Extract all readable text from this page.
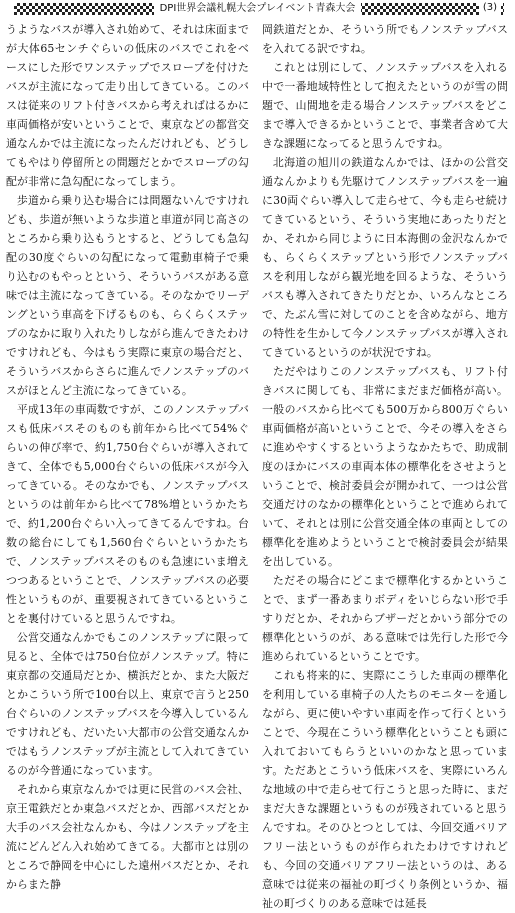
DPI世界会議札幌大会プレイベント青森大会	(3)

うようなバスが導入され始めて、それは床面までが大体65センチぐらいの低床のバスでこれをベースにした形でワンステップでスロープを付けたバスが主流になって走り出してきている。このバスは従来のリフト付きバスから考えればはるかに車両価格が安いということで、東京などの都営交通なんかでは主流になったんだけれども、どうしてもやはり停留所との問題だとかでスロープの勾配が非常に急勾配になってしまう。

歩道から乗り込む場合には問題ないんですけれども、歩道が無いような歩道と車道が同じ高さのところから乗り込もうとすると、どうしても急勾配の30度ぐらいの勾配になって電動車椅子で乗り込むのもやっとという、そういうバスがある意味では主流になってきている。そのなかでリーデングという車高を下げるものも、らくらくステップのなかに取り入れたりしながら進んできたわけですけれども、今はもう実際に東京の場合だと、そういうバスからさらに進んでノンステップのバスがほとんど主流になってきている。

平成13年の車両数ですが、このノンステップバスも低床バスそのものも前年から比べて54%ぐらいの伸び率で、約1,750台ぐらいが導入されてきて、全体でも5,000台ぐらいの低床バスが今入ってきている。そのなかでも、ノンステップバスというのは前年から比べて78%増というかたちで、約1,200台ぐらい入ってきてるんですね。台数の総台にしても1,560台ぐらいというかたちで、ノンステップバスそのものも急速にいま増えつつあるということで、ノンステップバスの必要性というものが、重要視されてきているということを裏付けていると思うんですね。

公営交通なんかでもこのノンステップに限って見ると、全体では750台位がノンステップ。特に東京都の交通局だとか、横浜だとか、また大阪だとかこういう所で100台以上、東京で言うと250台ぐらいのノンステップバスを今導入しているんですけれども、だいたい大都市の公営交通なんかではもうノンステップが主流として入れてきているのが今普通になっています。

それから東京なんかでは更に民営のバス会社、京王電鉄だとか東急バスだとか、西部バスだとか大手のバス会社なんかも、今はノンステップを主流にどんどん入れ始めてきてる。大都市とは別のところで静岡を中心にした遠州バスだとか、それからまた静

岡鉄道だとか、そういう所でもノンステップバスを入れてる訳ですね。

これとは別にして、ノンステップバスを入れる中で一番地域特性として抱えたというのが雪の問題で、山間地を走る場合ノンステップバスをどこまで導入できるかということで、事業者含めて大きな課題になってると思うんですね。

北海道の旭川の鉄道なんかでは、ほかの公営交通なんかよりも先駆けてノンステップバスを一遍に30両ぐらい導入して走らせて、今も走らせ続けてきているという、そういう実地にあったりだとか、それから同じように日本海側の金沢なんかでも、らくらくステップという形でノンステップバスを利用しながら観光地を回るような、そういうバスも導入されてきたりだとか、いろんなところで、たぶん雪に対してのことを含めながら、地方の特性を生かして今ノンステップバスが導入されてきているというのが状況ですね。

ただやはりこのノンステップバスも、リフト付きバスに関しても、非常にまだまだ価格が高い。一般のバスから比べても500万から800万ぐらい車両価格が高いということで、今その導入をさらに進めやすくするというようなかたちで、助成制度のほかにバスの車両本体の標準化をさせようということで、検討委員会が開かれて、一つは公営交通だけのなかの標準化ということで進められていて、それとは別に公営交通全体の車両としての標準化を進めようということで検討委員会が結果を出している。

ただその場合にどこまで標準化するかということで、まず一番あまりボディをいじらない形で手すりだとか、それからブザーだとかいう部分での標準化というのが、ある意味では先行した形で今進められているということです。

これも将来的に、実際にこうした車両の標準化を利用している車椅子の人たちのモニターを通しながら、更に使いやすい車両を作って行くということで、今現在こういう標準化ということも頭に入れておいてもらうといいのかなと思っています。ただあとこういう低床バスを、実際にいろんな地域の中で走らせて行こうと思った時に、まだまだ大きな課題というものが残されていると思うんですね。そのひとつとしては、今回交通バリアフリー法というものが作られたわけですけれども、今回の交通バリアフリー法というのは、ある意味では従来の福祉の町づくり条例というか、福祉の町づくりのある意味では延長
